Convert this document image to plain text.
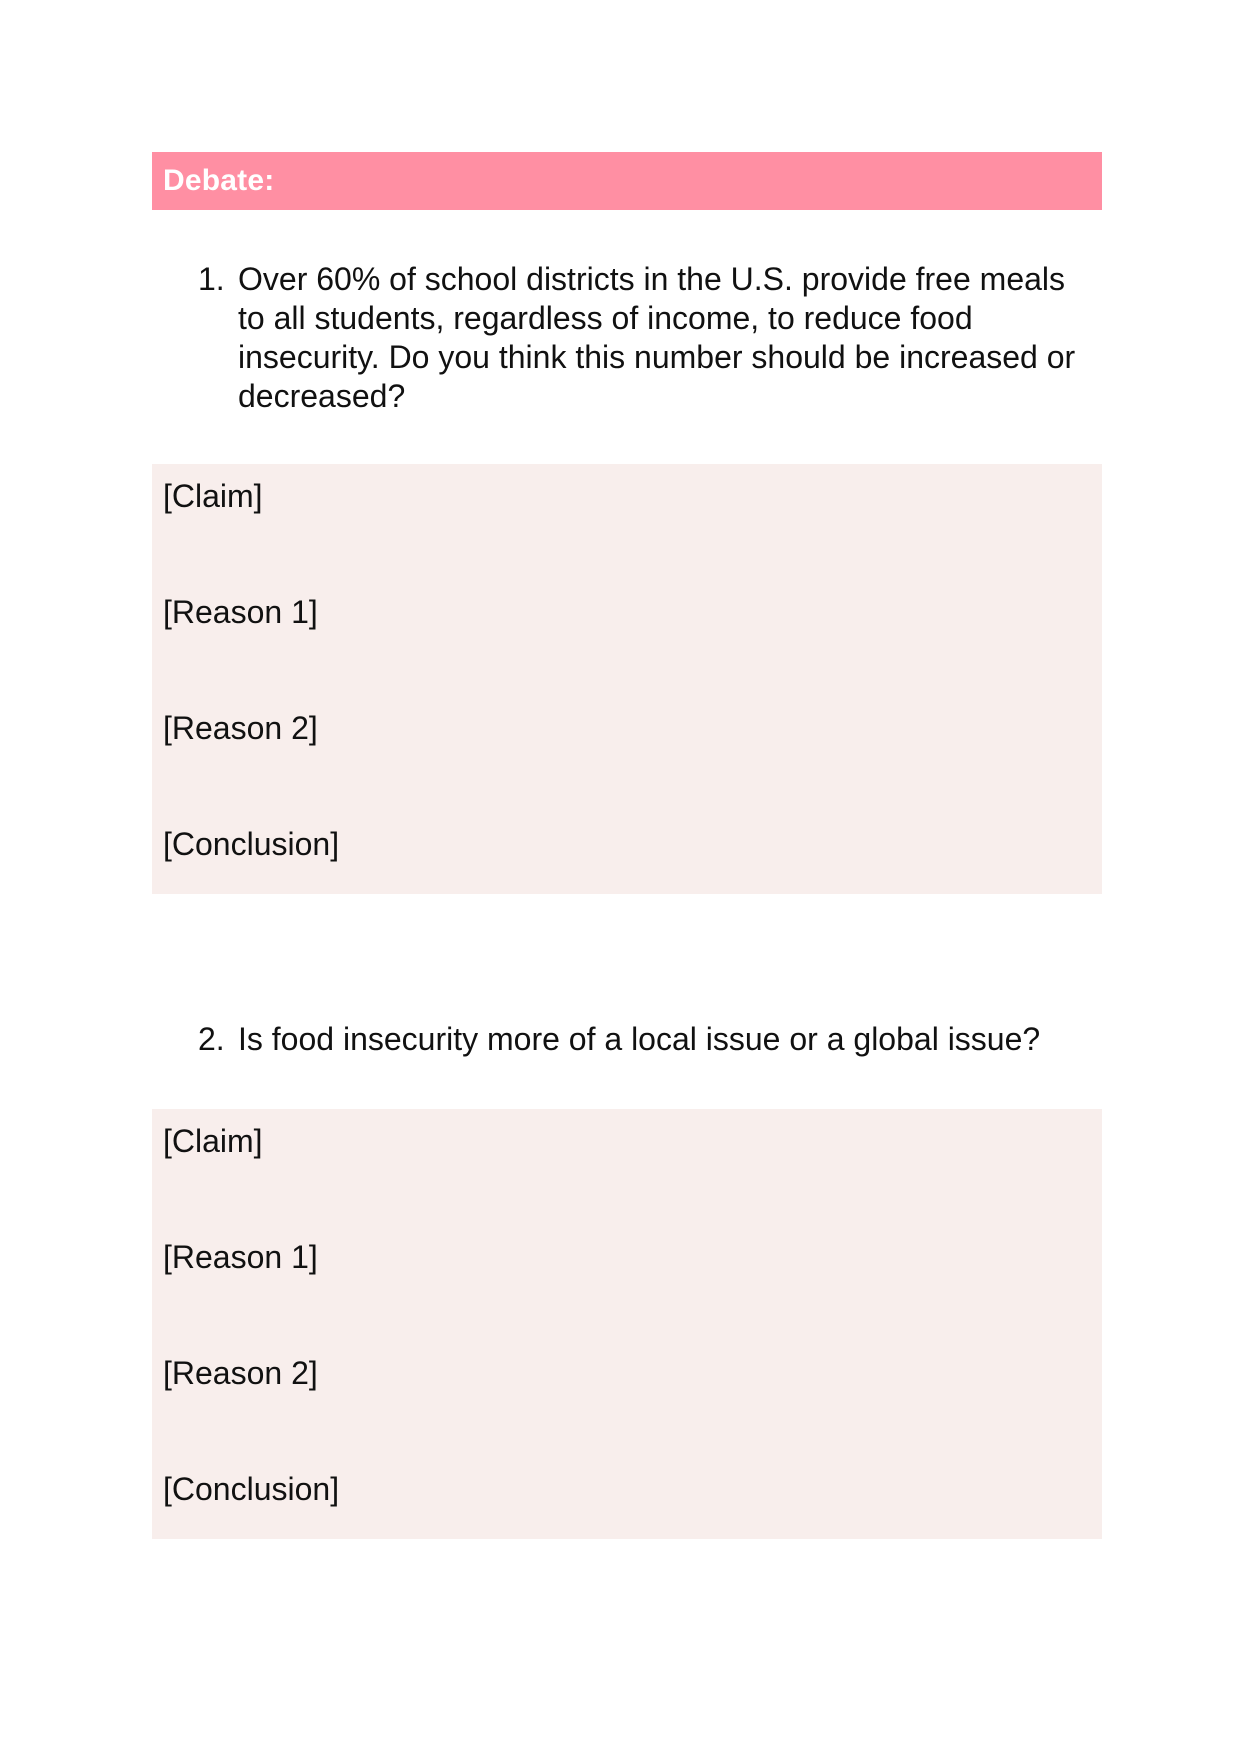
Debate:
1. Over 60% of school districts in the U.S. provide free meals to all students, regardless of income, to reduce food insecurity. Do you think this number should be increased or decreased?
[Claim]
[Reason 1]
[Reason 2]
[Conclusion]
2. Is food insecurity more of a local issue or a global issue?
[Claim]
[Reason 1]
[Reason 2]
[Conclusion]
